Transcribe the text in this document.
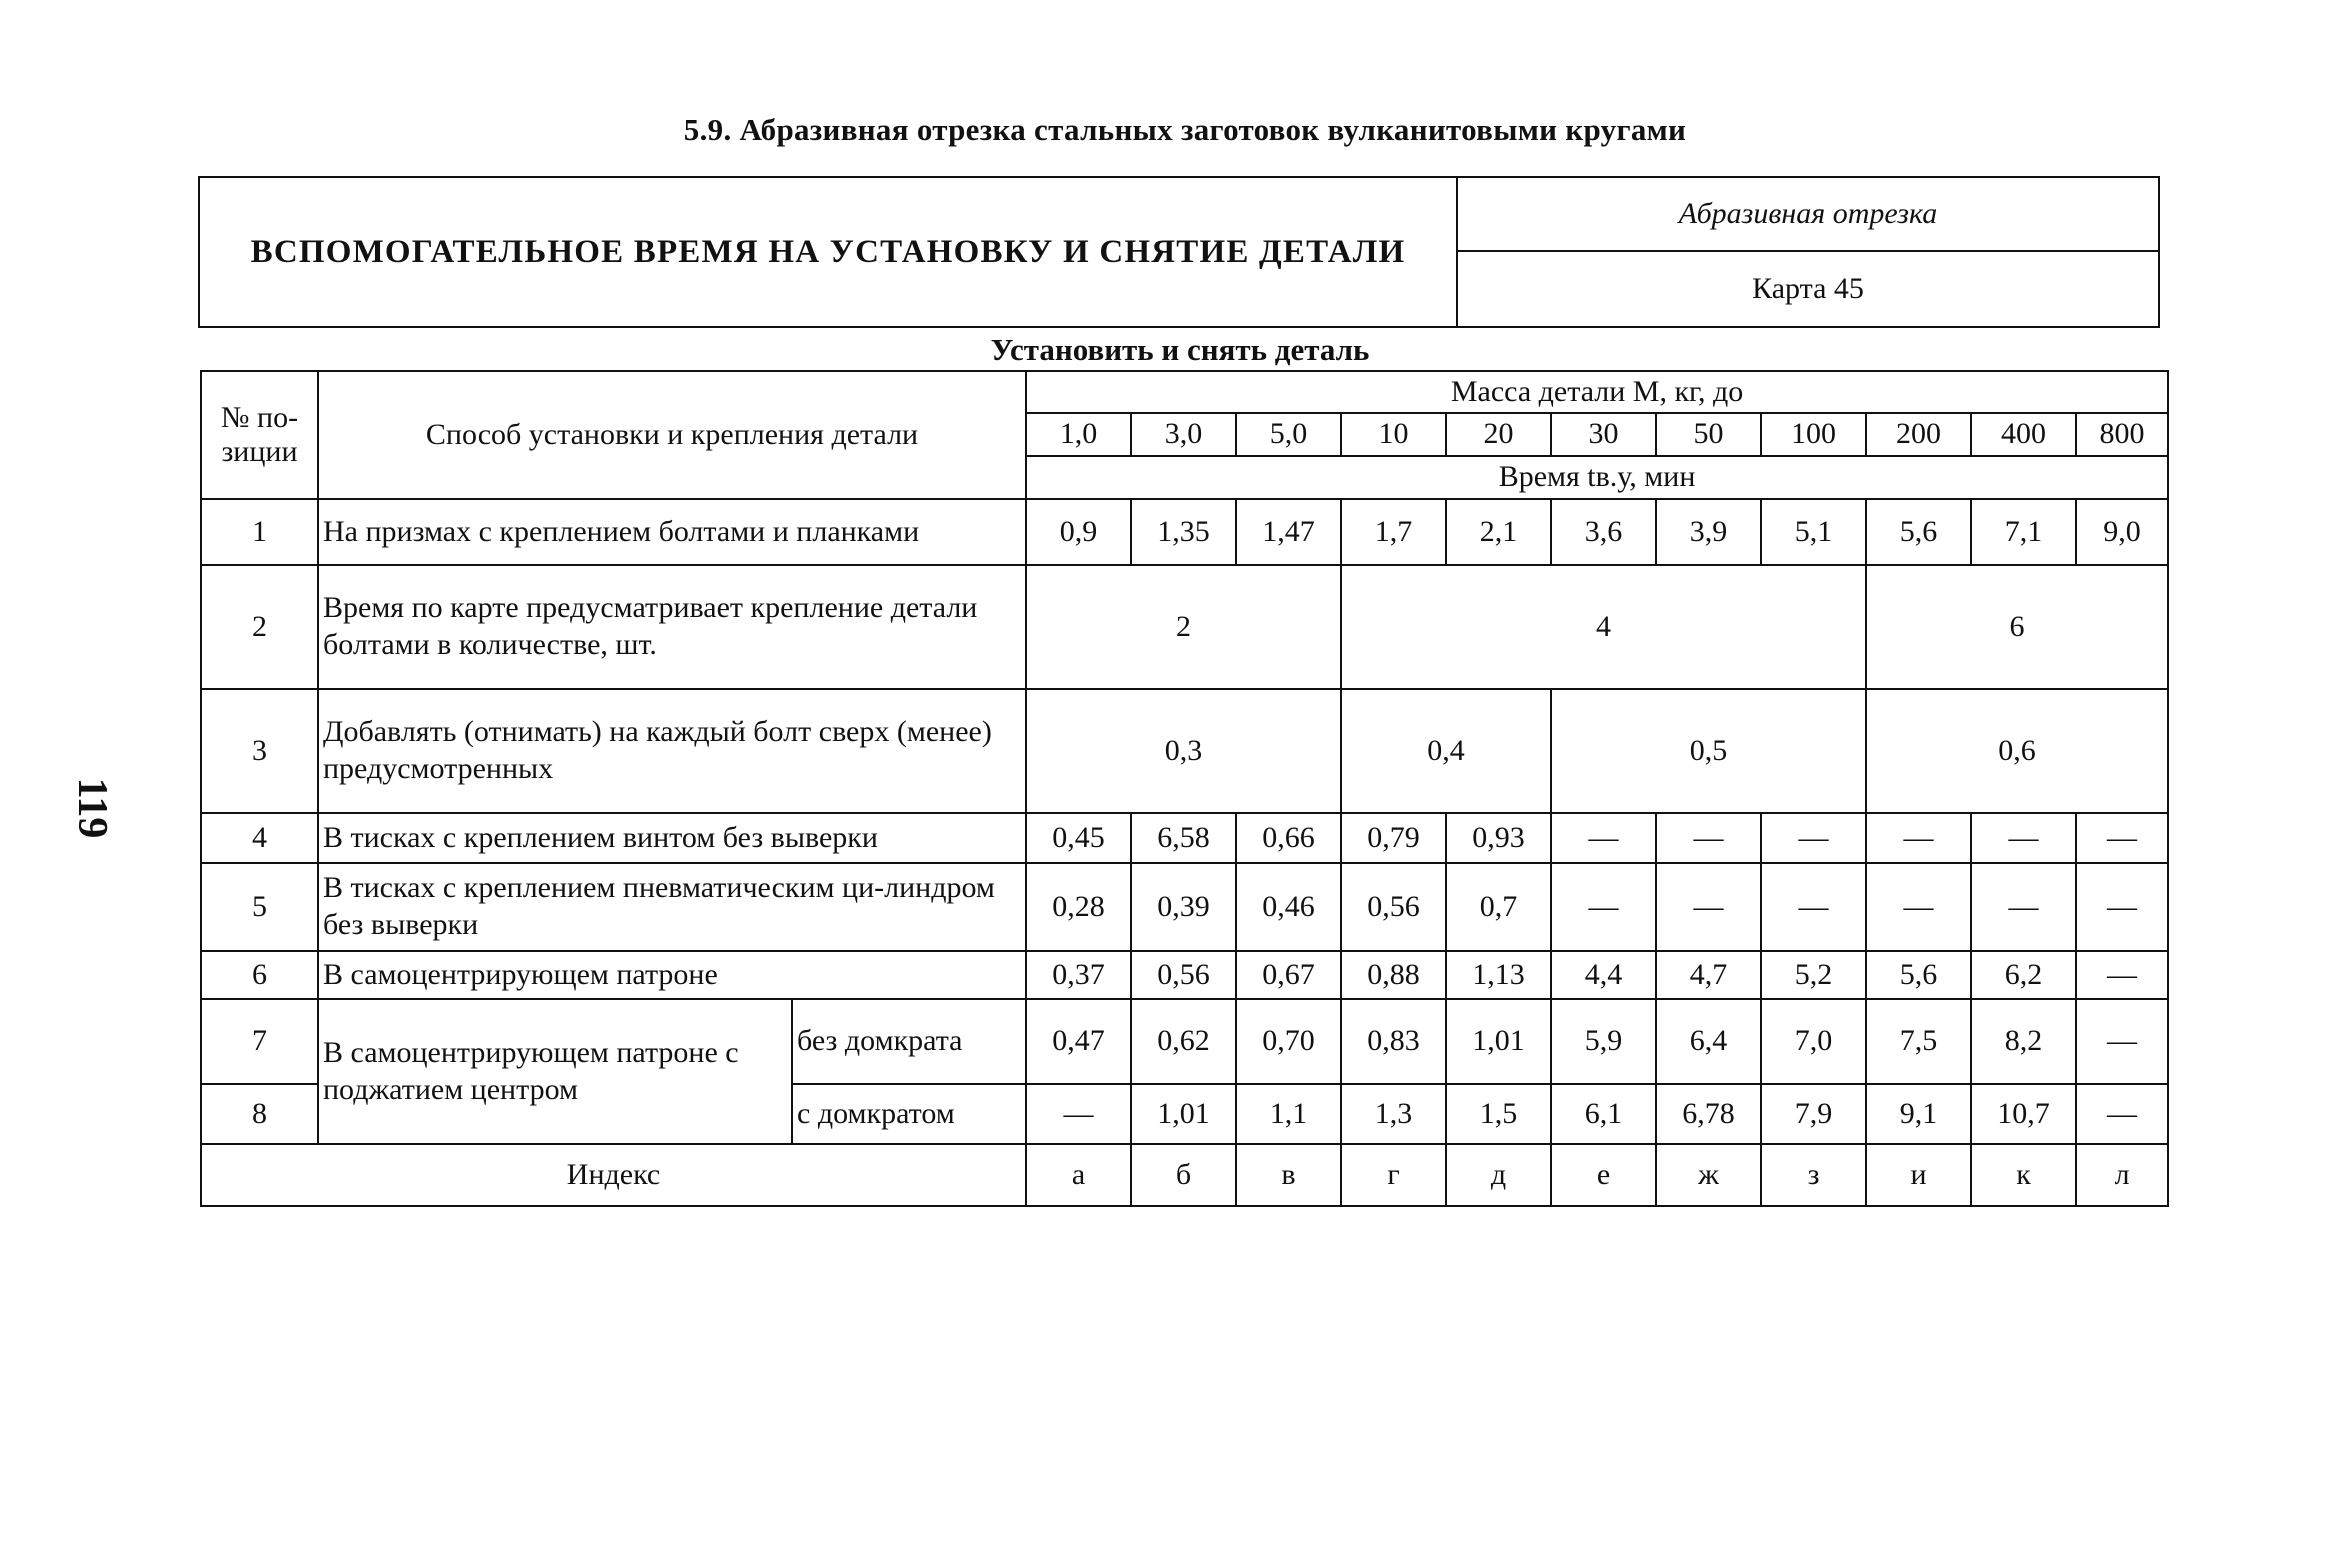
119
5.9. Абразивная отрезка стальных заготовок вулканитовыми кругами
ВСПОМОГАТЕЛЬНОЕ ВРЕМЯ НА УСТАНОВКУ И СНЯТИЕ ДЕТАЛИ
Абразивная отрезка
Карта 45
Установить и снять деталь
№ по-
зиции	Способ установки и крепления детали		Масса детали М, кг, до										
			1,0	3,0	5,0	10	20	30	50	100	200	400	800
			Время tв.у, мин										
1	На призмах с креплением болтами и планками		0,9	1,35	1,47	1,7	2,1	3,6	3,9	5,1	5,6	7,1	9,0
2	Время по карте предусматривает крепление детали болтами в количестве, шт.		2			4					6		
3	Добавлять (отнимать) на каждый болт сверх (менее) предусмотренных		0,3			0,4		0,5			0,6		
4	В тисках с креплением винтом без выверки		0,45	6,58	0,66	0,79	0,93	—	—	—	—	—	—
5	В тисках с креплением пневматическим ци-линдром без выверки		0,28	0,39	0,46	0,56	0,7	—	—	—	—	—	—
6	В самоцентрирующем патроне		0,37	0,56	0,67	0,88	1,13	4,4	4,7	5,2	5,6	6,2	—
7	В самоцентрирующем патроне с поджатием центром	без домкрата	0,47	0,62	0,70	0,83	1,01	5,9	6,4	7,0	7,5	8,2	—
8		с домкратом	—	1,01	1,1	1,3	1,5	6,1	6,78	7,9	9,1	10,7	—
Индекс			а	б	в	г	д	е	ж	з	и	к	л
